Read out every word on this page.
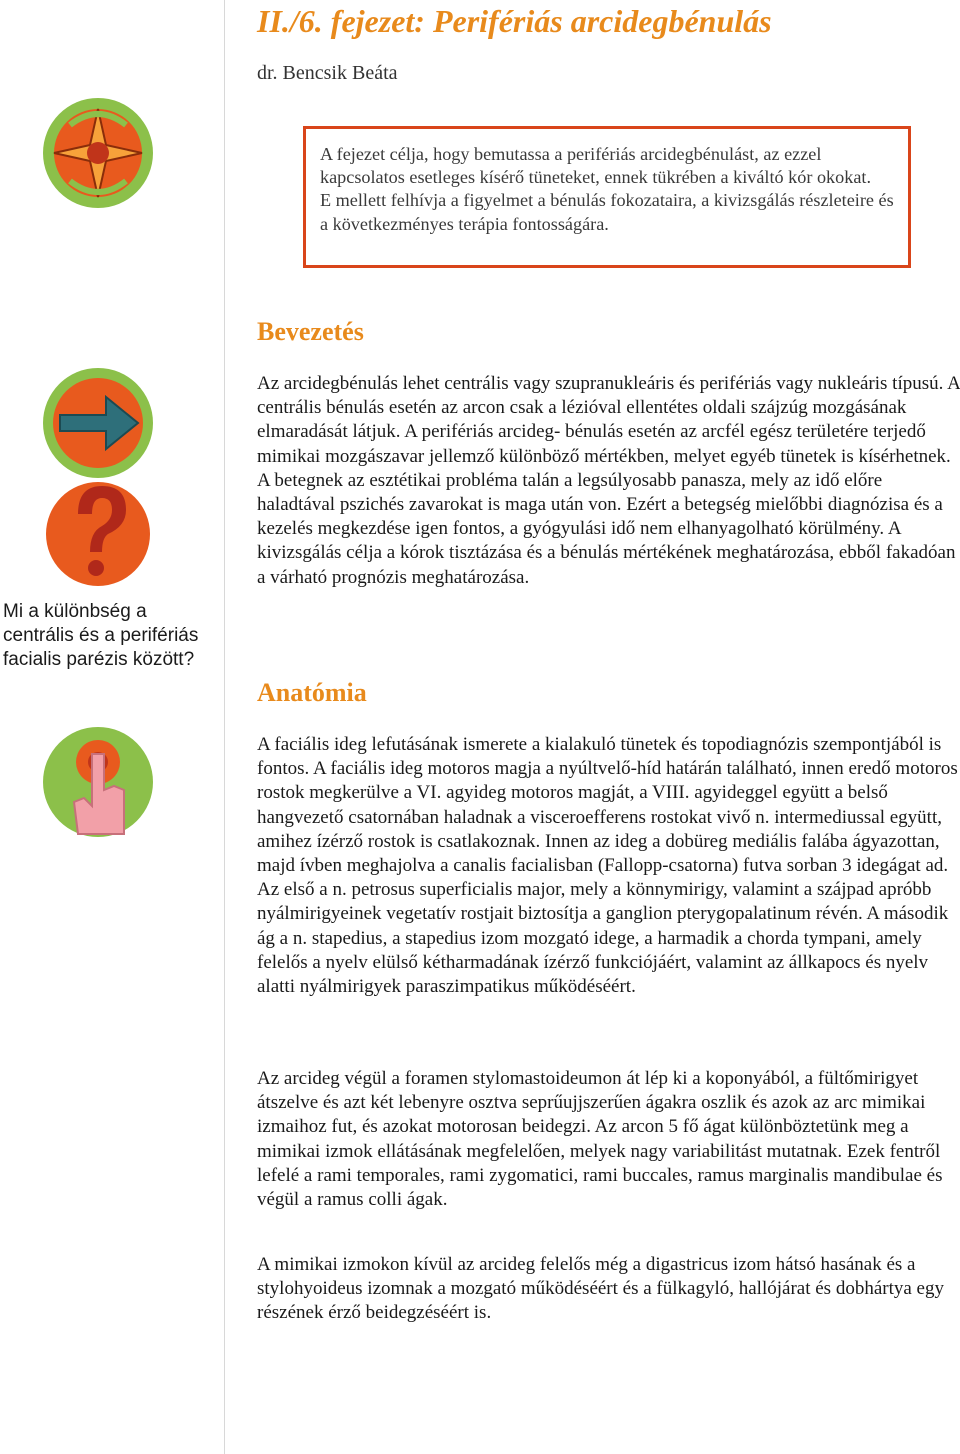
II./6. fejezet: Perifériás arcidegbénulás
dr. Bencsik Beáta

A fejezet célja, hogy bemutassa a perifériás arcidegbénulást, az ezzel kapcsolatos esetleges kísérő tüneteket, ennek tükrében a kiváltó kór okokat.

E mellett felhívja a figyelmet a bénulás fokozataira, a kivizsgálás részleteire és a következményes terápia fontosságára.

Bevezetés
Mi a különbség a centrális és a perifériás facialis parézis között?

Az arcidegbénulás lehet centrális vagy szupranukleáris és perifériás vagy nukleáris típusú. A centrális bénulás esetén az arcon csak a lézióval ellentétes oldali szájzúg mozgásának elmaradását látjuk. A perifériás arcideg- bénulás esetén az arcfél egész területére terjedő mimikai mozgászavar jellemző különböző mértékben, melyet egyéb tünetek is kísérhetnek. A betegnek az esztétikai probléma talán a legsúlyosabb panasza, mely az idő előre haladtával pszichés zavarokat is maga után von. Ezért a betegség mielőbbi diagnózisa és a kezelés megkezdése igen fontos, a gyógyulási idő nem elhanyagolható körülmény. A kivizsgálás célja a kórok tisztázása és a bénulás mértékének meghatározása, ebből fakadóan a várható prognózis meghatározása.

Anatómia

A faciális ideg lefutásának ismerete a kialakuló tünetek és topodiagnózis szempontjából is fontos. A faciális ideg motoros magja a nyúltvelő-híd határán található, innen eredő motoros rostok megkerülve a VI. agyideg motoros magját, a VIII. agyideggel együtt a belső hangvezető csatornában haladnak a visceroefferens rostokat vivő n. intermediussal együtt, amihez ízérző rostok is csatlakoznak. Innen az ideg a dobüreg mediális falába ágyazottan, majd ívben meghajolva a canalis facialisban (Fallopp-csatorna) futva sorban 3 idegágat ad. Az első a n. petrosus superficialis major, mely a könnymirigy, valamint a szájpad apróbb nyálmirigyeinek vegetatív rostjait biztosítja a ganglion pterygopalatinum révén. A második ág a n. stapedius, a stapedius izom mozgató idege, a harmadik a chorda tympani, amely felelős a nyelv elülső kétharmadának ízérző funkciójáért, valamint az állkapocs és nyelv alatti nyálmirigyek paraszimpatikus működéséért.

Az arcideg végül a foramen stylomastoideumon át lép ki a koponyából, a fültőmirigyet átszelve és azt két lebenyre osztva seprűujjszerűen ágakra oszlik és azok az arc mimikai izmaihoz fut, és azokat motorosan beidegzi. Az arcon 5 fő ágat különböztetünk meg a mimikai izmok ellátásának megfelelően, melyek nagy variabilitást mutatnak. Ezek fentről lefelé a rami temporales, rami zygomatici, rami buccales, ramus marginalis mandibulae és végül a ramus colli ágak.

A mimikai izmokon kívül az arcideg felelős még a digastricus izom hátsó hasának és a stylohyoideus izomnak a mozgató működéséért és a fülkagyló, hallójárat és dobhártya egy részének érző beidegzéséért is.
